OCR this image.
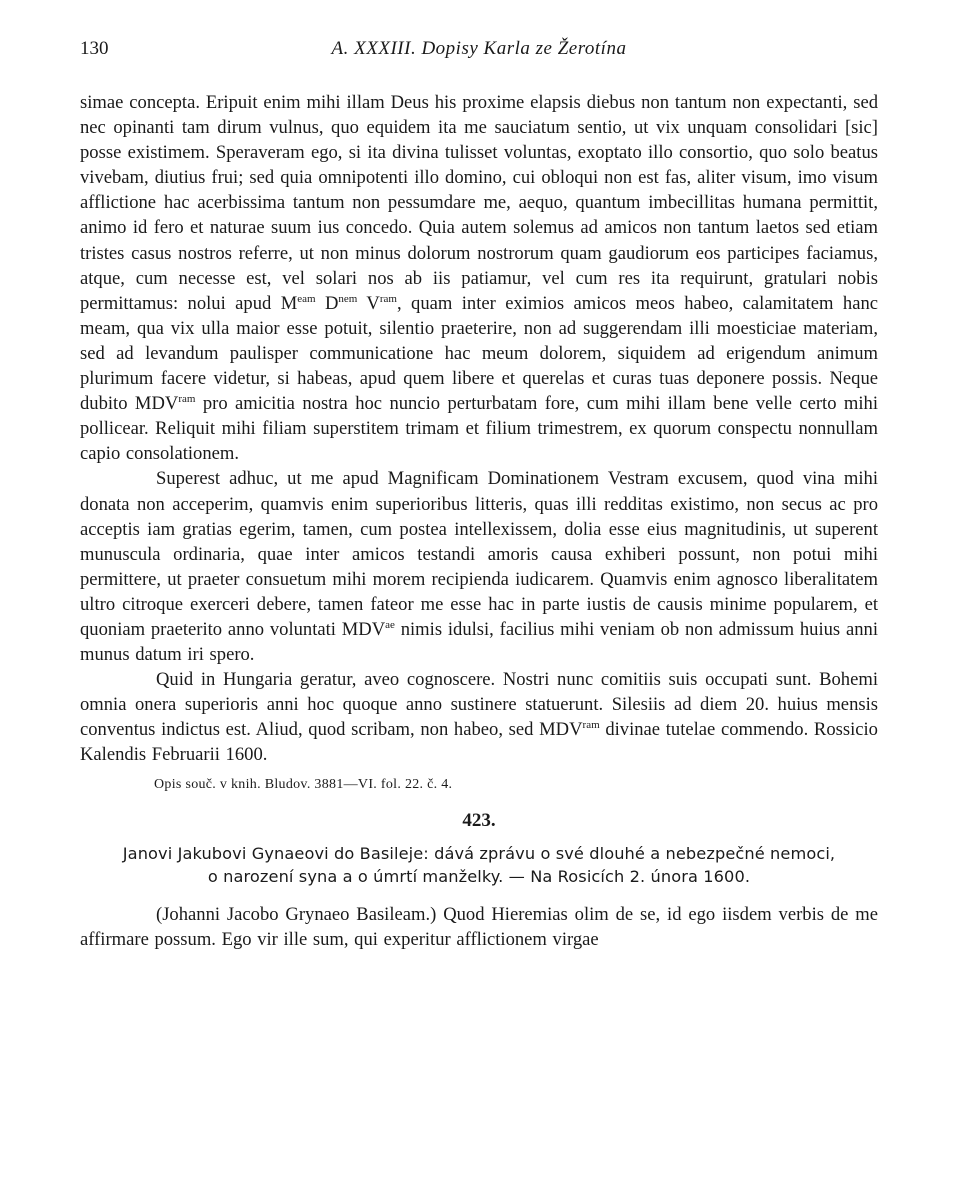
A. XXXIII. Dopisy Karla ze Žerotína
130

simae concepta. Eripuit enim mihi illam Deus his proxime elapsis diebus non tantum non expectanti, sed nec opinanti tam dirum vulnus, quo equidem ita me sauciatum sentio, ut vix unquam consolidari [sic] posse existimem. Speraveram ego, si ita divina tulisset voluntas, exoptato illo consortio, quo solo beatus vivebam, diutius frui; sed quia omnipotenti illo domino, cui obloqui non est fas, aliter visum, imo visum afflictione hac acerbissima tantum non pessumdare me, aequo, quantum imbecillitas humana permittit, animo id fero et naturae suum ius concedo. Quia autem solemus ad amicos non tantum laetos sed etiam tristes casus nostros referre, ut non minus dolorum nostrorum quam gaudiorum eos participes faciamus, atque, cum necesse est, vel solari nos ab iis patiamur, vel cum res ita requirunt, gratulari nobis permittamus: nolui apud $M^{eam}$ $D^{nem}$ $V^{ram}$, quam inter eximios amicos meos habeo, calamitatem hanc meam, qua vix ulla maior esse potuit, silentio praeterire, non ad suggerendam illi moesticiae materiam, sed ad levandum paulisper communicatione hac meum dolorem, siquidem ad erigendum animum plurimum facere videtur, si habeas, apud quem libere et querelas et curas tuas deponere possis. Neque dubito $MDV^{ram}$ pro amicitia nostra hoc nuncio perturbatam fore, cum mihi illam bene velle certo mihi pollicear. Reliquit mihi filiam superstitem trimam et filium trimestrem, ex quorum conspectu nonnullam capio consolationem.

Superest adhuc, ut me apud Magnificam Dominationem Vestram excusem, quod vina mihi donata non acceperim, quamvis enim superioribus litteris, quas illi redditas existimo, non secus ac pro acceptis iam gratias egerim, tamen, cum postea intellexissem, dolia esse eius magnitudinis, ut superent munuscula ordinaria, quae inter amicos testandi amoris causa exhiberi possunt, non potui mihi permittere, ut praeter consuetum mihi morem recipienda iudicarem. Quamvis enim agnosco liberalitatem ultro citroque exerceri debere, tamen fateor me esse hac in parte iustis de causis minime popularem, et quoniam praeterito anno voluntati $MDV^{ae}$ nimis idulsi, facilius mihi veniam ob non admissum huius anni munus datum iri spero.

Quid in Hungaria geratur, aveo cognoscere. Nostri nunc comitiis suis occupati sunt. Bohemi omnia onera superioris anni hoc quoque anno sustinere statuerunt. Silesiis ad diem 20. huius mensis conventus indictus est. Aliud, quod scribam, non habeo, sed $MDV^{ram}$ divinae tutelae commendo. Rossicio Kalendis Februarii 1600.

Opis souč. v knih. Bludov. 3881—VI. fol. 22. č. 4.
423.
Janovi Jakubovi Gynaeovi do Basileje: dává zprávu o své dlouhé a nebezpečné nemoci,
o narození syna a o úmrtí manželky. — Na Rosicích 2. února 1600.

(Johanni Jacobo Grynaeo Basileam.) Quod Hieremias olim de se, id ego iisdem verbis de me affirmare possum. Ego vir ille sum, qui experitur afflictionem virgae
